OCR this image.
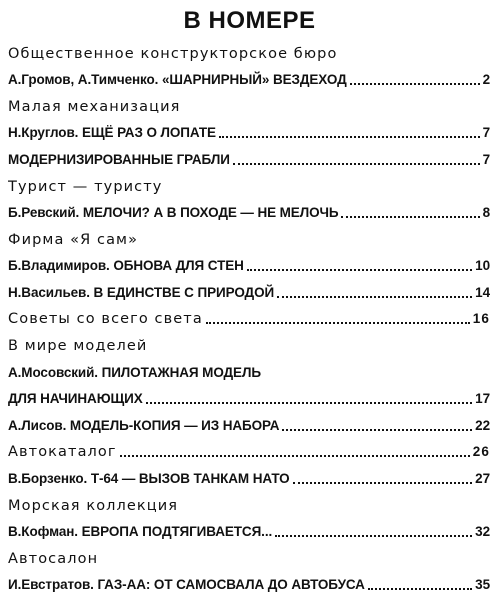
В НОМЕРЕ
Общественное конструкторское бюро
А.Громов, А.Тимченко. «ШАРНИРНЫЙ» ВЕЗДЕХОД	2
Малая механизация
Н.Круглов. ЕЩЁ РАЗ О ЛОПАТЕ	7
МОДЕРНИЗИРОВАННЫЕ ГРАБЛИ	7
Турист — туристу
Б.Ревский. МЕЛОЧИ? А В ПОХОДЕ — НЕ МЕЛОЧЬ	8
Фирма «Я сам»
Б.Владимиров. ОБНОВА ДЛЯ СТЕН	10
Н.Васильев. В ЕДИНСТВЕ С ПРИРОДОЙ	14
Советы со всего света	16
В мире моделей
А.Мосовский. ПИЛОТАЖНАЯ МОДЕЛЬ
ДЛЯ НАЧИНАЮЩИХ	17
А.Лисов. МОДЕЛЬ-КОПИЯ — ИЗ НАБОРА	22
Автокаталог	26
В.Борзенко. Т-64 — ВЫЗОВ ТАНКАМ НАТО	27
Морская коллекция
В.Кофман. ЕВРОПА ПОДТЯГИВАЕТСЯ...	32
Автосалон
И.Евстратов. ГАЗ-АА: ОТ САМОСВАЛА ДО АВТОБУСА	35
